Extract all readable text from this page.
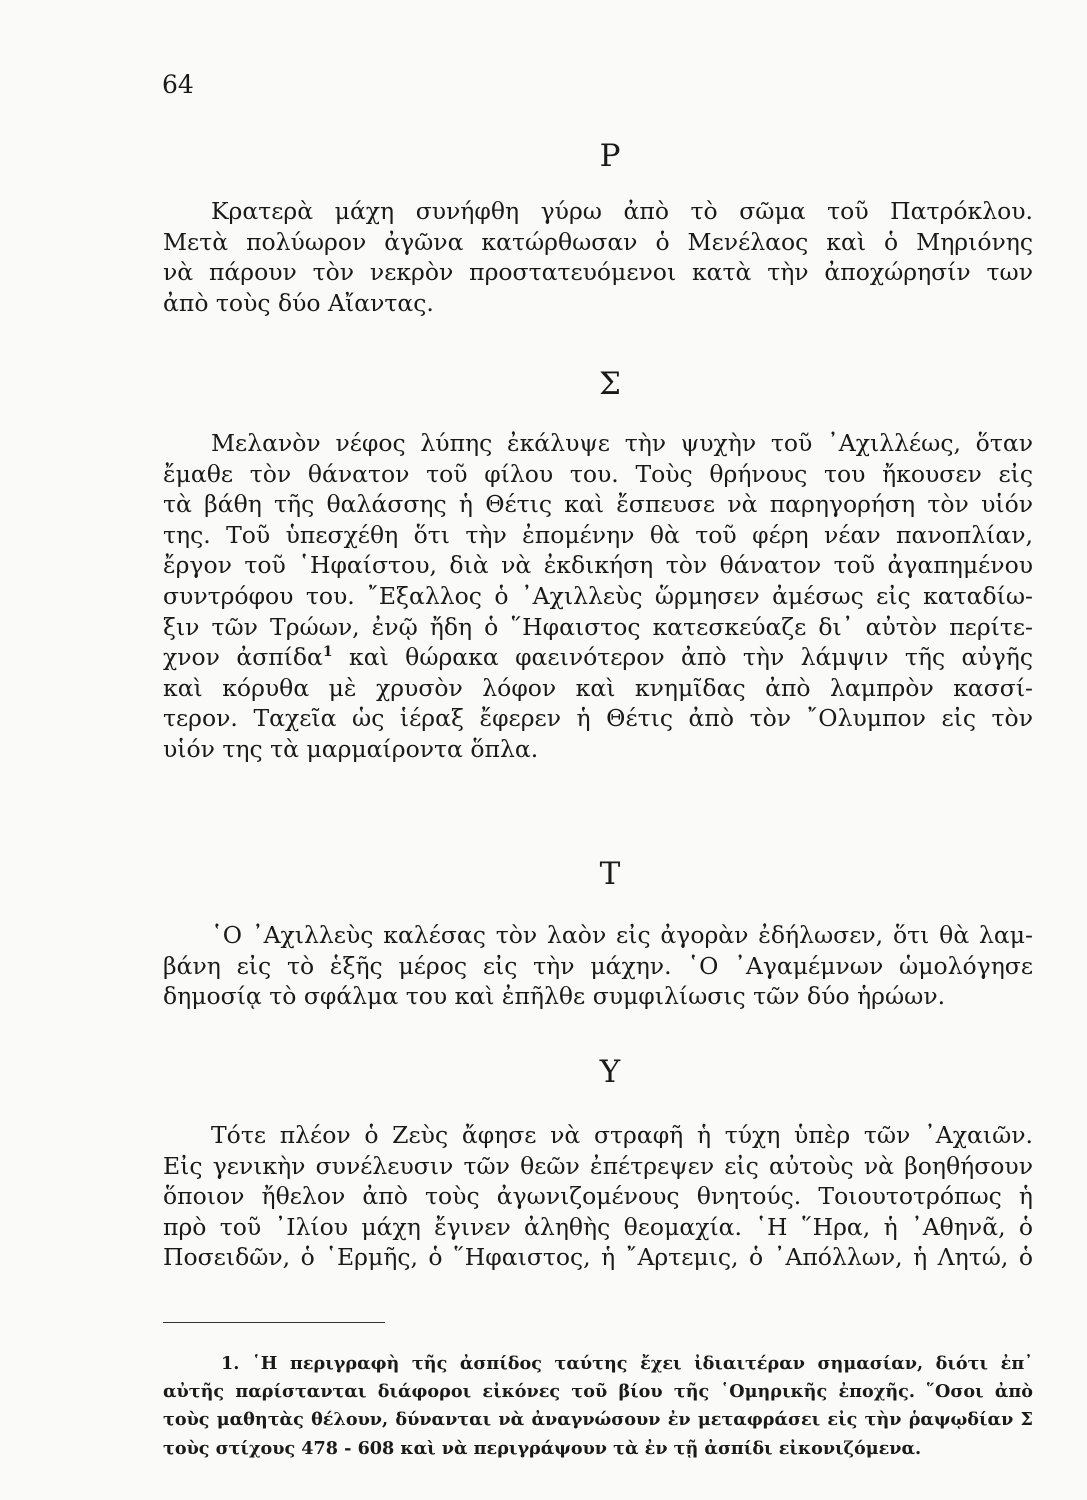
64
Ρ
Κρατερὰ μάχη συνήφθη γύρω ἀπὸ τὸ σῶμα τοῦ Πατρόκλου.
Μετὰ πολύωρον ἀγῶνα κατώρθωσαν ὁ Μενέλαος καὶ ὁ Μηριόνης
νὰ πάρουν τὸν νεκρὸν προστατευόμενοι κατὰ τὴν ἀποχώρησίν των
ἀπὸ τοὺς δύο Αἴαντας.
Σ
Μελανὸν νέφος λύπης ἐκάλυψε τὴν ψυχὴν τοῦ ᾿Αχιλλέως, ὅταν
ἔμαθε τὸν θάνατον τοῦ φίλου του. Τοὺς θρήνους του ἤκουσεν εἰς
τὰ βάθη τῆς θαλάσσης ἡ Θέτις καὶ ἔσπευσε νὰ παρηγορήση τὸν υἱόν
της. Τοῦ ὑπεσχέθη ὅτι τὴν ἐπομένην θὰ τοῦ φέρη νέαν πανοπλίαν,
ἔργον τοῦ ῾Ηφαίστου, διὰ νὰ ἐκδικήση τὸν θάνατον τοῦ ἀγαπημένου
συντρόφου του. ῎Εξαλλος ὁ ᾿Αχιλλεὺς ὥρμησεν ἀμέσως εἰς καταδίω-
ξιν τῶν Τρώων, ἐνῷ ἤδη ὁ ῞Ηφαιστος κατεσκεύαζε δι᾿ αὐτὸν περίτε-
χνον ἀσπίδα$^1$ καὶ θώρακα φαεινότερον ἀπὸ τὴν λάμψιν τῆς αὐγῆς
καὶ κόρυθα μὲ χρυσὸν λόφον καὶ κνημῖδας ἀπὸ λαμπρὸν κασσί-
τερον. Ταχεῖα ὡς ἱέραξ ἔφερεν ἡ Θέτις ἀπὸ τὸν ῎Ολυμπον εἰς τὸν
υἱόν της τὰ μαρμαίροντα ὅπλα.
Τ
῾Ο ᾿Αχιλλεὺς καλέσας τὸν λαὸν εἰς ἀγορὰν ἐδήλωσεν, ὅτι θὰ λαμ-
βάνη εἰς τὸ ἑξῆς μέρος εἰς τὴν μάχην. ῾Ο ᾿Αγαμέμνων ὡμολόγησε
δημοσίᾳ τὸ σφάλμα του καὶ ἐπῆλθε συμφιλίωσις τῶν δύο ἡρώων.
Υ
Τότε πλέον ὁ Ζεὺς ἄφησε νὰ στραφῆ ἡ τύχη ὑπὲρ τῶν ᾿Αχαιῶν.
Εἰς γενικὴν συνέλευσιν τῶν θεῶν ἐπέτρεψεν εἰς αὐτοὺς νὰ βοηθήσουν
ὅποιον ἤθελον ἀπὸ τοὺς ἀγωνιζομένους θνητούς. Τοιουτοτρόπως ἡ
πρὸ τοῦ ᾿Ιλίου μάχη ἔγινεν ἀληθὴς θεομαχία. ῾Η ῞Ηρα, ἡ ᾿Αθηνᾶ, ὁ
Ποσειδῶν, ὁ ῾Ερμῆς, ὁ ῞Ηφαιστος, ἡ ῎Αρτεμις, ὁ ᾿Απόλλων, ἡ Λητώ, ὁ
1. ῾Η περιγραφὴ τῆς ἀσπίδος ταύτης ἔχει ἰδιαιτέραν σημασίαν, διότι ἐπ᾿
αὐτῆς παρίστανται διάφοροι εἰκόνες τοῦ βίου τῆς ῾Ομηρικῆς ἐποχῆς. ῞Οσοι ἀπὸ
τοὺς μαθητὰς θέλουν, δύνανται νὰ ἀναγνώσουν ἐν μεταφράσει εἰς τὴν ῥαψῳδίαν Σ
τοὺς στίχους 478 - 608 καὶ νὰ περιγράψουν τὰ ἐν τῇ ἀσπίδι εἰκονιζόμενα.
